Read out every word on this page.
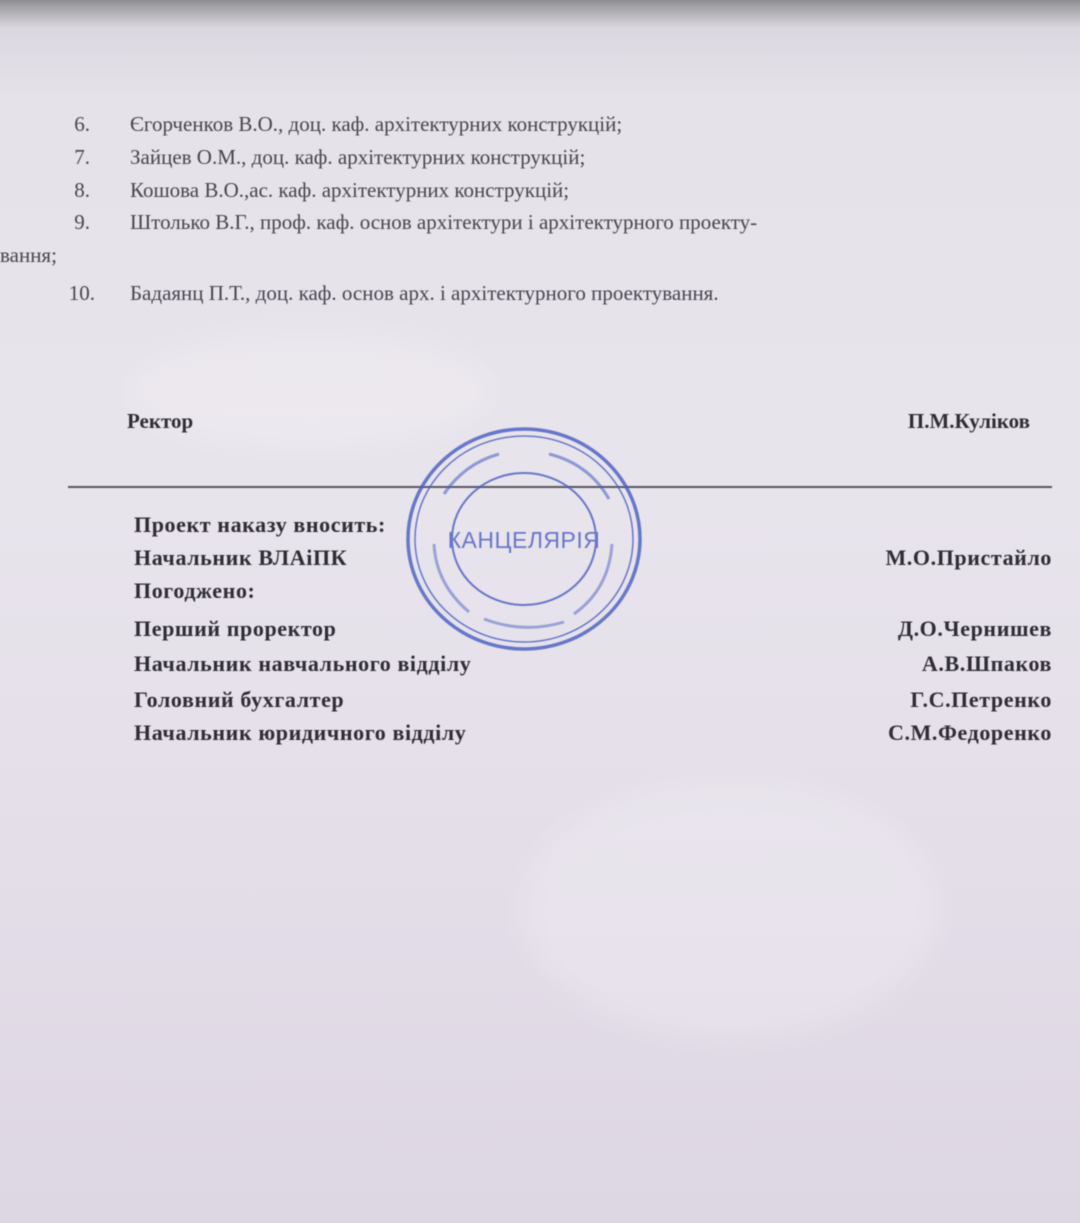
6. Єгорченков В.О., доц. каф. архітектурних конструкцій;
7. Зайцев О.М., доц. каф. архітектурних конструкцій;
8. Кошова В.О.,ас. каф. архітектурних конструкцій;
9. Штолько В.Г., проф. каф. основ архітектури і архітектурного проекту-
вання;
10. Бадаянц П.Т., доц. каф. основ арх. і архітектурного проектування.
Ректор	П.М.Куліков
Проект наказу вносить:
Начальник ВЛАіПК	М.О.Пристайло
Погоджено:
Перший проректор	Д.О.Чернишев
Начальник навчального відділу	А.В.Шпаков
Головний бухгалтер	Г.С.Петренко
Начальник юридичного відділу	С.М.Федоренко
КАНЦЕЛЯРІЯ
